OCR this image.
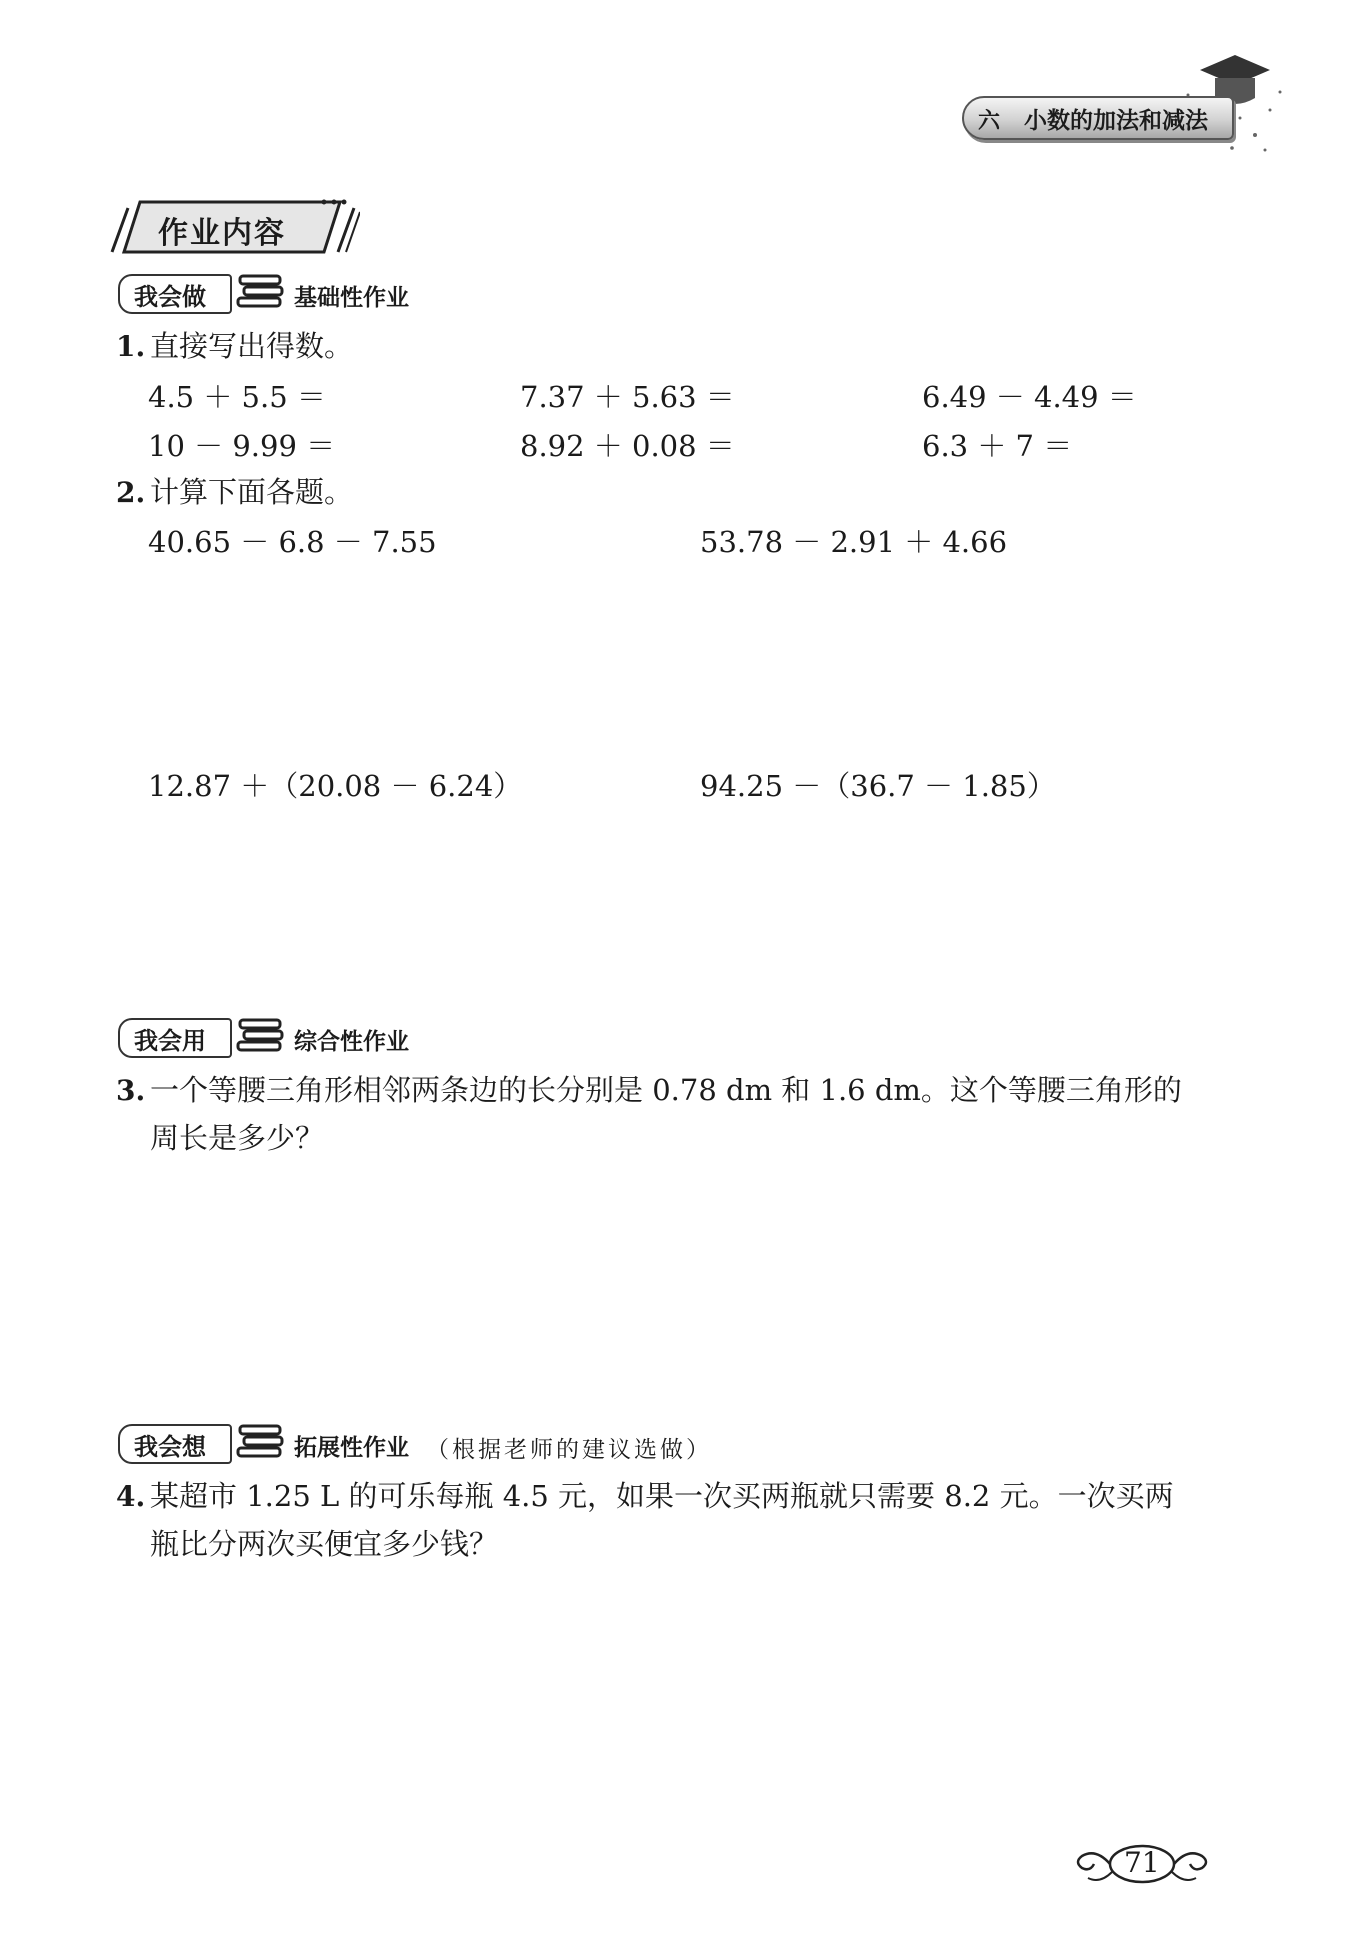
六 小数的加法和减法
作业内容
我会做	基础性作业
1. 直接写出得数。
4.5 ＋ 5.5 ＝	7.37 ＋ 5.63 ＝	6.49 － 4.49 ＝
10 － 9.99 ＝	8.92 ＋ 0.08 ＝	6.3 ＋ 7 ＝
2. 计算下面各题。
40.65 － 6.8 － 7.55	53.78 － 2.91 ＋ 4.66
12.87 ＋（20.08 － 6.24）	94.25 －（36.7 － 1.85）
我会用	综合性作业
3. 一个等腰三角形相邻两条边的长分别是 0.78 dm 和 1.6 dm。这个等腰三角形的
周长是多少？
我会想	拓展性作业 （根据老师的建议选做）
4. 某超市 1.25 L 的可乐每瓶 4.5 元，如果一次买两瓶就只需要 8.2 元。一次买两
瓶比分两次买便宜多少钱？
71
